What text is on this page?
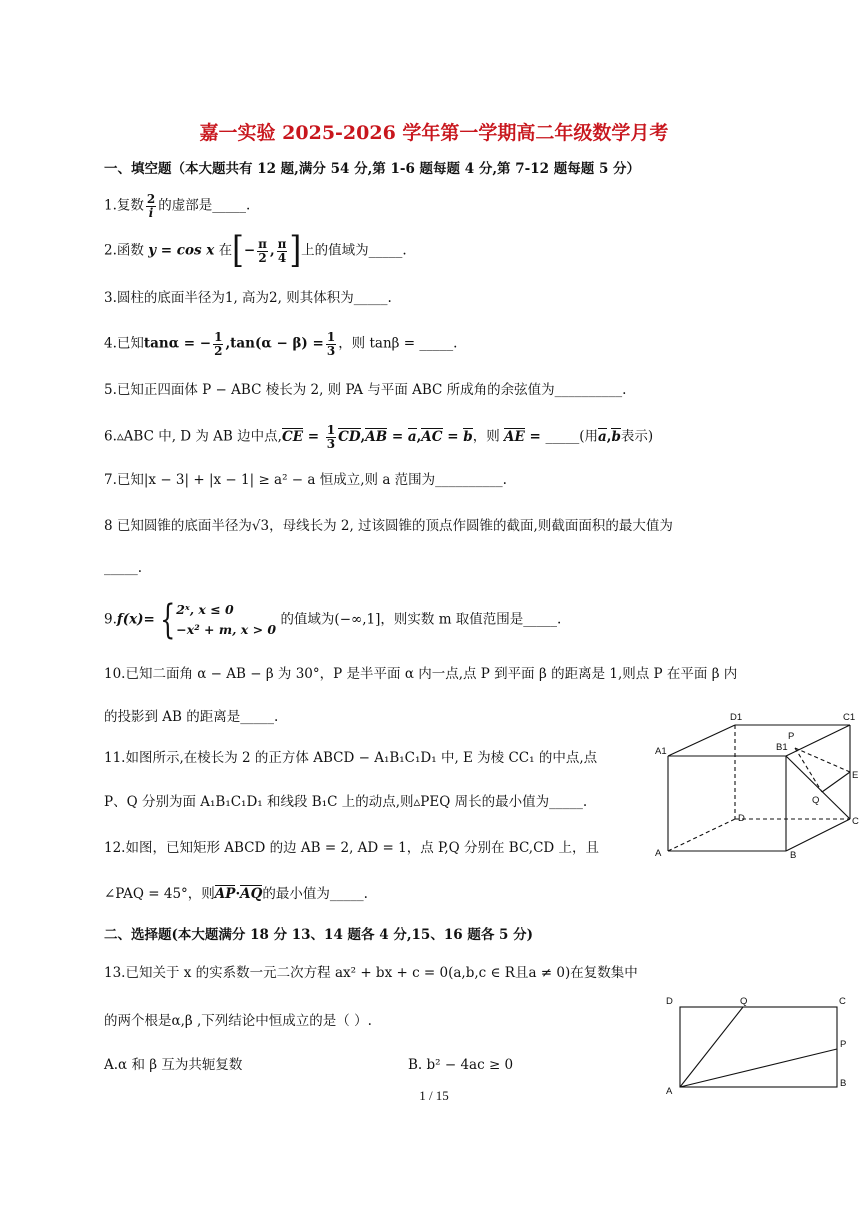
嘉一实验 2025-2026 学年第一学期高二年级数学月考
一、填空题（本大题共有 12 题,满分 54 分,第 1-6 题每题 4 分,第 7-12 题每题 5 分）
1.复数 $\frac{2}{i}$ 的虚部是_____.
2.函数 y = cos x 在[− $\frac{\pi}{2}$ , $\frac{\pi}{4}$ ]上的值域为_____.
3.圆柱的底面半径为1, 高为2, 则其体积为_____.
4.已知tanα = − $\frac{1}{2} ,\tan(\alpha - \beta) = \frac{1}{3}$ ，则 tanβ = _____.
5.已知正四面体 P − ABC 棱长为 2, 则 PA 与平面 ABC 所成角的余弦值为__________.
6.▵ABC 中, D 为 AB 边中点$,CE = \frac{1}{3} CD,AB = a,AC = b$，则 AE = _____(用a,b表示)
7.已知|x − 3| + |x − 1| ≥ a² − a 恒成立,则 a 范围为__________.
8 已知圆锥的底面半径为√3，母线长为 2, 过该圆锥的顶点作圆锥的截面,则截面面积的最大值为
_____.
9.f(x)= { 2ˣ, x ≤ 0
−x² + m, x > 0
的值域为(−∞,1]，则实数 m 取值范围是_____.
10.已知二面角 α − AB − β 为 30°，P 是半平面 α 内一点,点 P 到平面 β 的距离是 1,则点 P 在平面 β 内
的投影到 AB 的距离是_____.
11.如图所示,在棱长为 2 的正方体 ABCD − A₁B₁C₁D₁ 中, E 为棱 CC₁ 的中点,点
P、Q 分别为面 A₁B₁C₁D₁ 和线段 B₁C 上的动点,则▵PEQ 周长的最小值为_____.
12.如图，已知矩形 ABCD 的边 AB = 2, AD = 1，点 P,Q 分别在 BC,CD 上，且
∠PAQ = 45°，则AP·AQ的最小值为_____.
二、选择题(本大题满分 18 分 13、14 题各 4 分,15、16 题各 5 分)
13.已知关于 x 的实系数一元二次方程 ax² + bx + c = 0(a,b,c ∈ R且a ≠ 0)在复数集中
的两个根是α,β ,下列结论中恒成立的是（ ）.
A.α 和 β 互为共轭复数	B. b² − 4ac ≥ 0
D1	C1
A1	B1
P
E
Q
D	C
A	B
D	Q	C
P
A
B
1 / 15
